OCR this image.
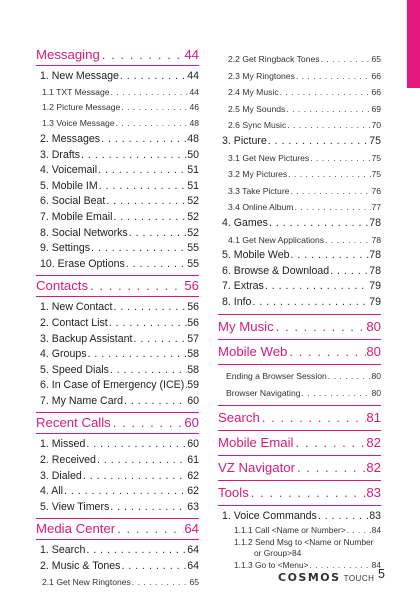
Messaging . . .	44
1. New Message . . .	44
1.1 TXT Message . . .	44
1.2 Picture Message . . .	46
1.3 Voice Message . . .	48
2. Messages . . .	48
3. Drafts . . .	50
4. Voicemail . . .	51
5. Mobile IM . . .	51
6. Social Beat . . .	52
7. Mobile Email . . .	52
8. Social Networks . . .	52
9. Settings . . .	55
10. Erase Options . . .	55
Contacts . . .	56
1. New Contact . . .	56
2. Contact List . . .	56
3. Backup Assistant . . .	57
4. Groups . . .	58
5. Speed Dials . . .	58
6. In Case of Emergency (ICE) . . . 59
7. My Name Card . . .	60
Recent Calls . . .	60
1. Missed . . .	60
2. Received . . .	61
3. Dialed . . .	62
4. All . . .	62
5. View Timers . . .	63
Media Center . . .	64
1. Search . . .	64
2. Music & Tones . . .	64
2.1 Get New Ringtones . . .	65
2.2 Get Ringback Tones . . .	65
2.3 My Ringtones . . .	66
2.4 My Music . . .	66
2.5 My Sounds . . .	69
2.6 Sync Music . . .	70
3. Picture . . .	75
3.1 Get New Pictures . . .	75
3.2 My Pictures . . .	75
3.3 Take Picture . . .	76
3.4 Online Album . . .	77
4. Games . . .	78
4.1 Get New Applications . . .	78
5. Mobile Web . . .	78
6. Browse & Download . . .	78
7. Extras . . .	79
8. Info . . .	79
My Music . . .	80
Mobile Web . . .	80
Ending a Browser Session . . .	80
Browser Navigating . . .	80
Search . . .	81
Mobile Email . . .	82
VZ Navigator . . .	82
Tools . . .	83
1. Voice Commands . . .	83
1.1.1 Call <Name or Number> . . .	84
1.1.2 Send Msg to <Name or Number
or Group> 84
1.1.3 Go to <Menu> . . .	84
COSMOS TOUCH 5
